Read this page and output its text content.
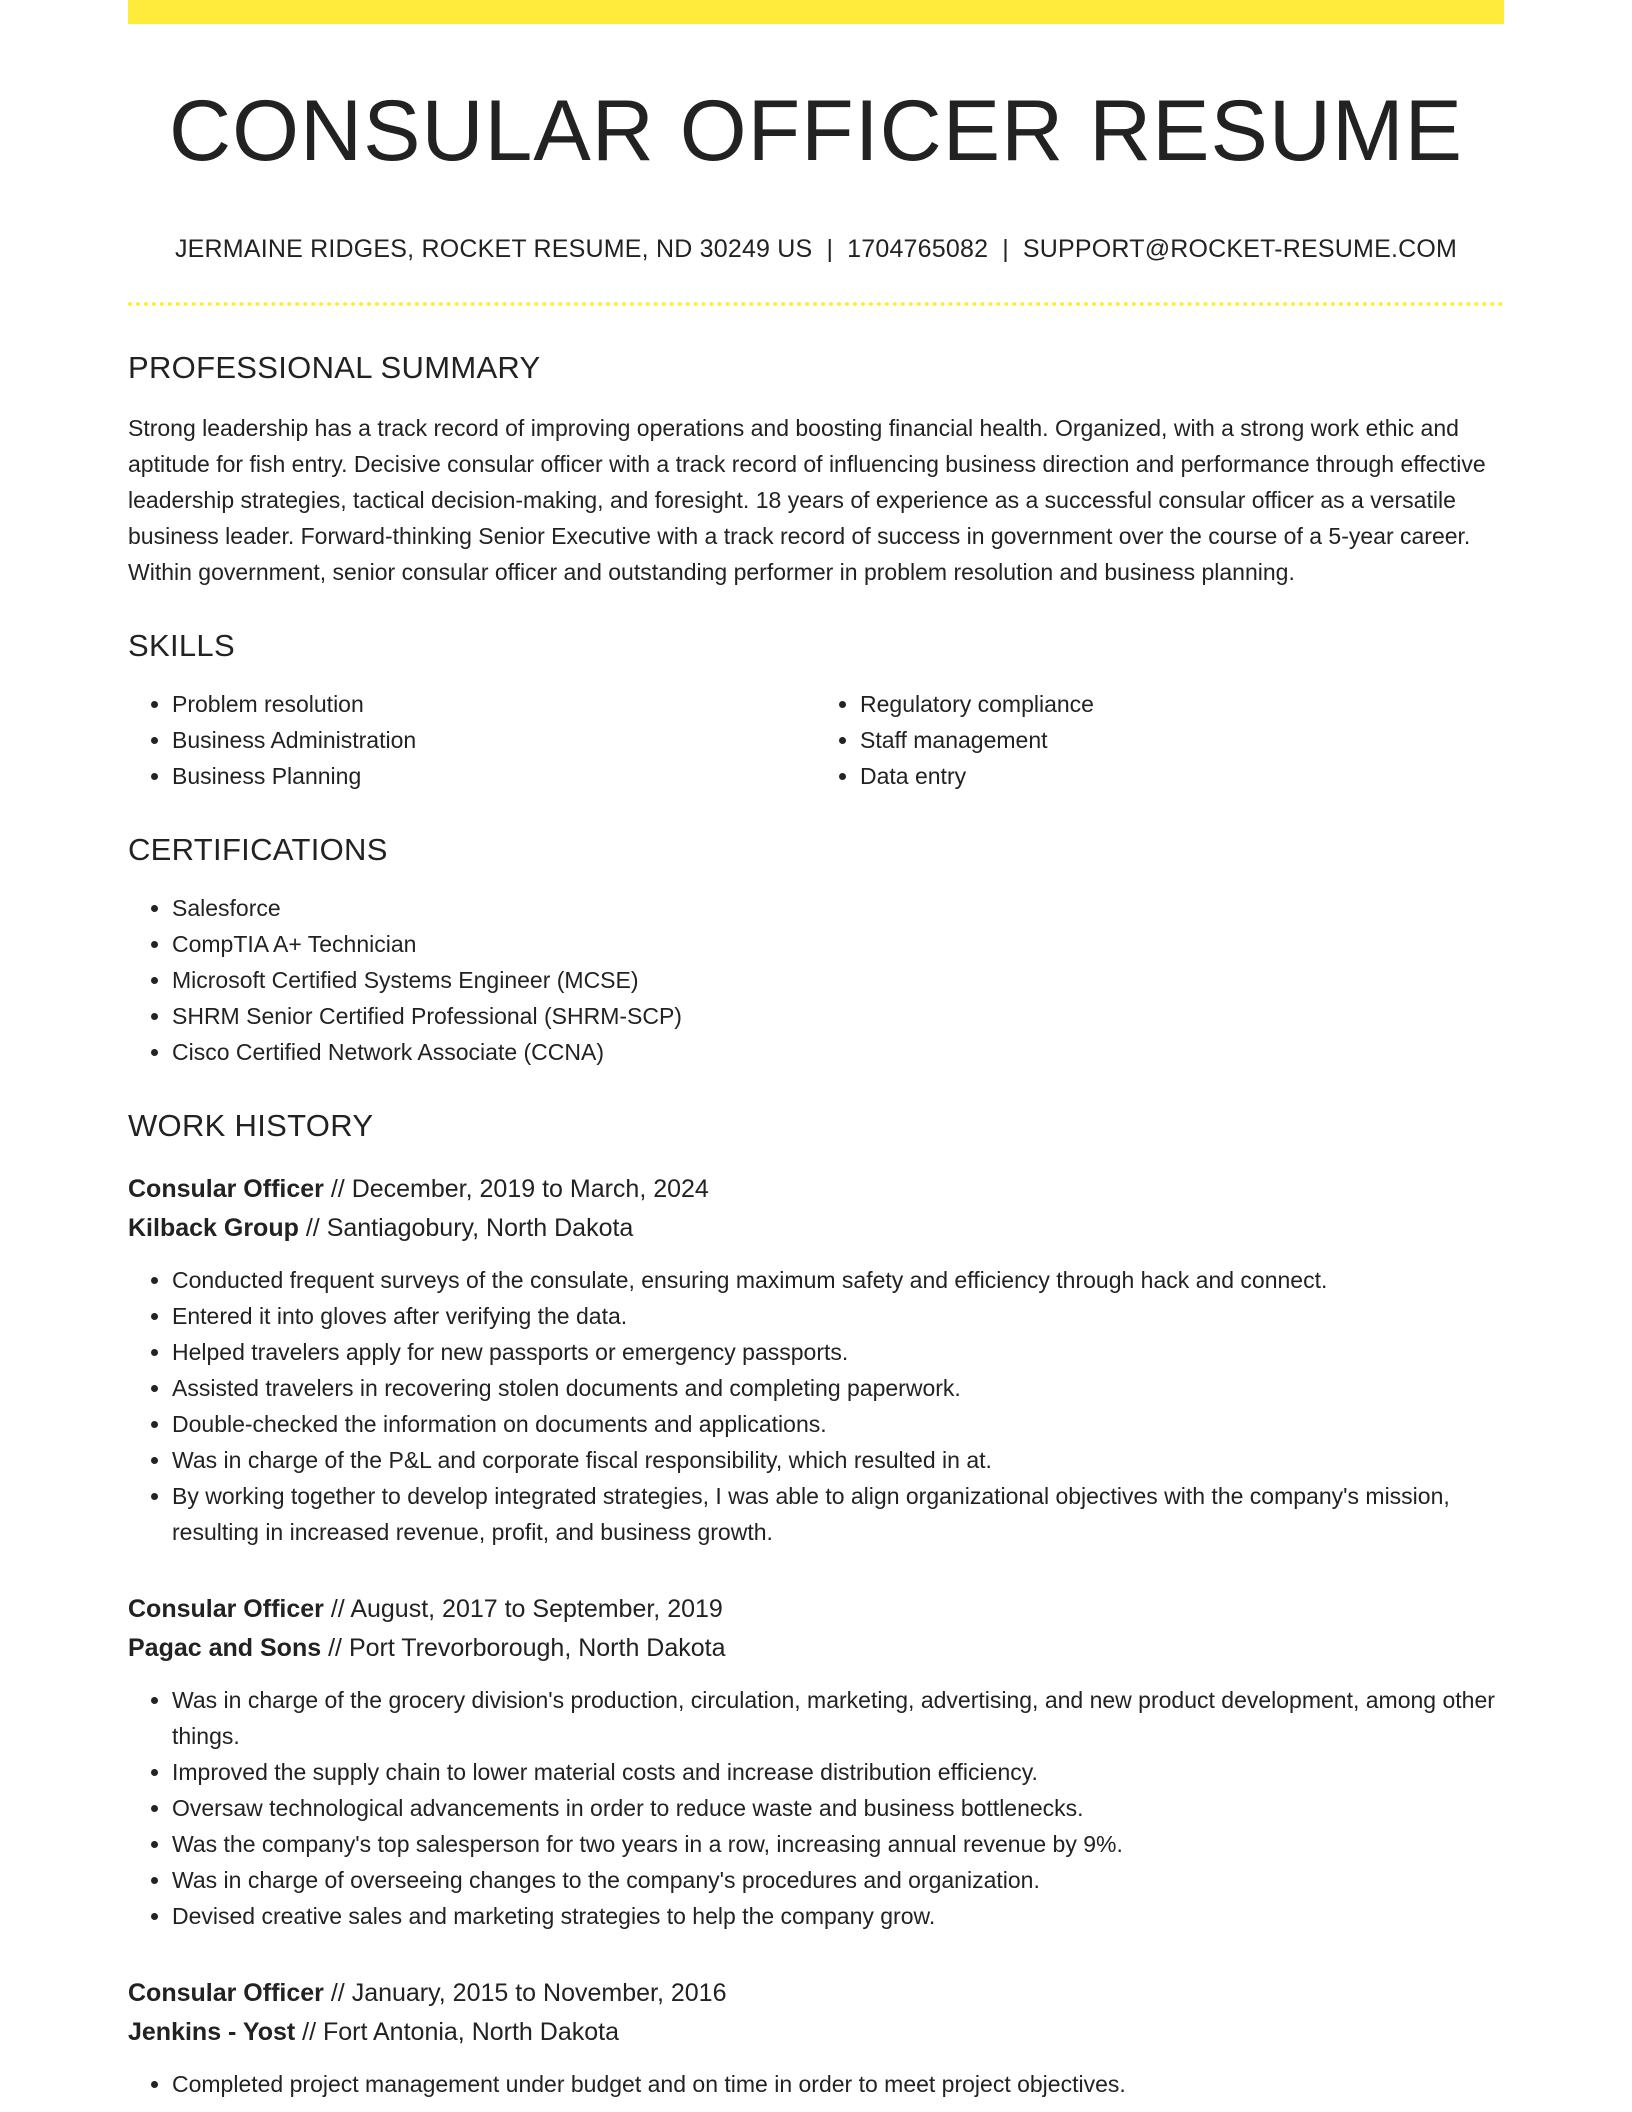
CONSULAR OFFICER RESUME
JERMAINE RIDGES, ROCKET RESUME, ND 30249 US | 1704765082 | SUPPORT@ROCKET-RESUME.COM
PROFESSIONAL SUMMARY

Strong leadership has a track record of improving operations and boosting financial health. Organized, with a strong work ethic and aptitude for fish entry. Decisive consular officer with a track record of influencing business direction and performance through effective leadership strategies, tactical decision-making, and foresight. 18 years of experience as a successful consular officer as a versatile business leader. Forward-thinking Senior Executive with a track record of success in government over the course of a 5-year career. Within government, senior consular officer and outstanding performer in problem resolution and business planning.

SKILLS
• Problem resolution
• Business Administration
• Business Planning
• Regulatory compliance
• Staff management
• Data entry
CERTIFICATIONS
• Salesforce
• CompTIA A+ Technician
• Microsoft Certified Systems Engineer (MCSE)
• SHRM Senior Certified Professional (SHRM-SCP)
• Cisco Certified Network Associate (CCNA)
WORK HISTORY
Consular Officer // December, 2019 to March, 2024
Kilback Group // Santiagobury, North Dakota
• Conducted frequent surveys of the consulate, ensuring maximum safety and efficiency through hack and connect.
• Entered it into gloves after verifying the data.
• Helped travelers apply for new passports or emergency passports.
• Assisted travelers in recovering stolen documents and completing paperwork.
• Double-checked the information on documents and applications.
• Was in charge of the P&L and corporate fiscal responsibility, which resulted in at.
• By working together to develop integrated strategies, I was able to align organizational objectives with the company's mission, resulting in increased revenue, profit, and business growth.
Consular Officer // August, 2017 to September, 2019
Pagac and Sons // Port Trevorborough, North Dakota
• Was in charge of the grocery division's production, circulation, marketing, advertising, and new product development, among other things.
• Improved the supply chain to lower material costs and increase distribution efficiency.
• Oversaw technological advancements in order to reduce waste and business bottlenecks.
• Was the company's top salesperson for two years in a row, increasing annual revenue by 9%.
• Was in charge of overseeing changes to the company's procedures and organization.
• Devised creative sales and marketing strategies to help the company grow.
Consular Officer // January, 2015 to November, 2016
Jenkins - Yost // Fort Antonia, North Dakota
• Completed project management under budget and on time in order to meet project objectives.
